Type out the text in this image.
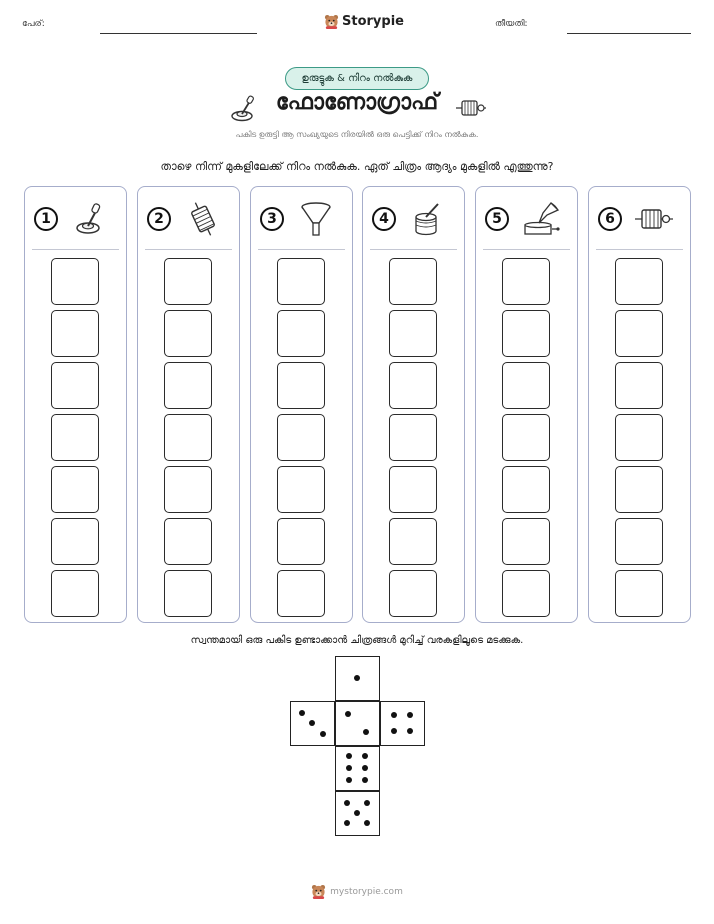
പേര്:	Storypie	തീയതി:
ഉരുട്ടുക & നിറം നൽകുക
ഫോണോഗ്രാഫ്
പകിട ഉരുട്ടി ആ സംഖ്യയുടെ നിരയിൽ ഒരു പെട്ടിക്ക് നിറം നൽകുക.
താഴെ നിന്ന് മുകളിലേക്ക് നിറം നൽകുക. ഏത് ചിത്രം ആദ്യം മുകളിൽ എത്തുന്നു?
1	2	3	4	5	6
സ്വന്തമായി ഒരു പകിട ഉണ്ടാക്കാൻ ചിത്രങ്ങൾ മുറിച്ച് വരകളിലൂടെ മടക്കുക.
mystorypie.com
